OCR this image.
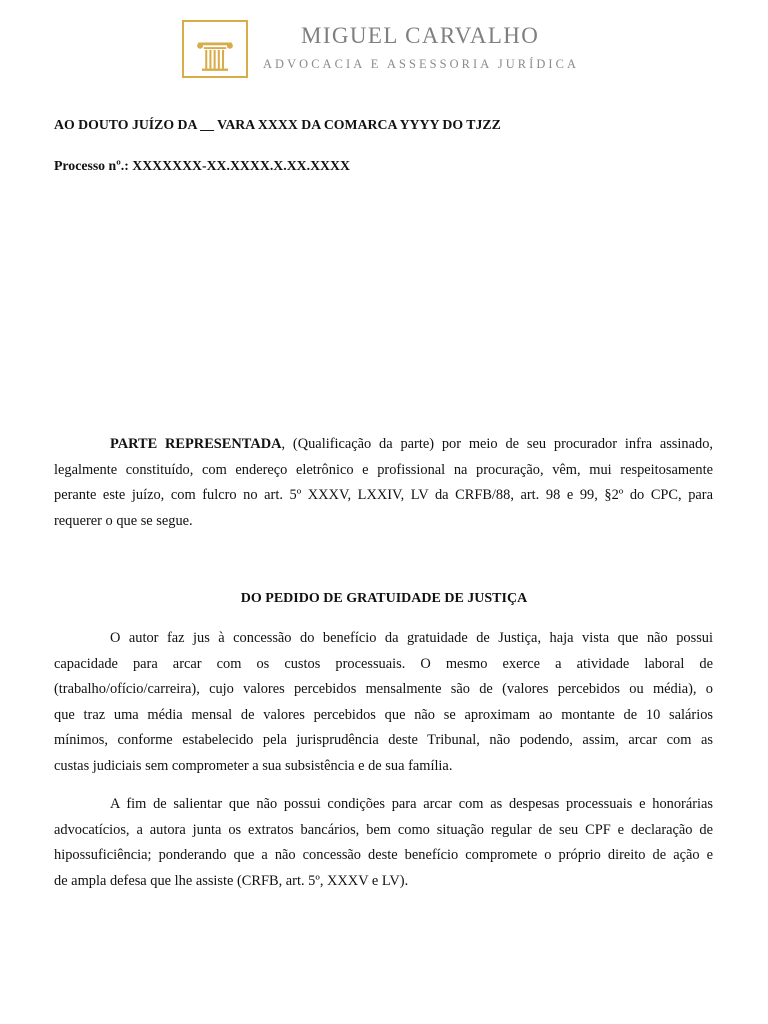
MIGUEL CARVALHO
ADVOCACIA E ASSESSORIA JURÍDICA
AO DOUTO JUÍZO DA __ VARA XXXX DA COMARCA YYYY DO TJZZ
Processo nº.: XXXXXXX-XX.XXXX.X.XX.XXXX
PARTE REPRESENTADA, (Qualificação da parte) por meio de seu procurador infra assinado,
legalmente constituído, com endereço eletrônico e profissional na procuração, vêm, mui respeitosamente
perante este juízo, com fulcro no art. 5º XXXV, LXXIV, LV da CRFB/88, art. 98 e 99, §2º do CPC, para
requerer o que se segue.
DO PEDIDO DE GRATUIDADE DE JUSTIÇA
O autor faz jus à concessão do benefício da gratuidade de Justiça, haja vista que não possui
capacidade para arcar com os custos processuais. O mesmo exerce a atividade laboral de
(trabalho/ofício/carreira), cujo valores percebidos mensalmente são de (valores percebidos ou média), o
que traz uma média mensal de valores percebidos que não se aproximam ao montante de 10 salários
mínimos, conforme estabelecido pela jurisprudência deste Tribunal, não podendo, assim, arcar com as
custas judiciais sem comprometer a sua subsistência e de sua família.
A fim de salientar que não possui condições para arcar com as despesas processuais e honorárias
advocatícios, a autora junta os extratos bancários, bem como situação regular de seu CPF e declaração de
hipossuficiência; ponderando que a não concessão deste benefício compromete o próprio direito de ação e
de ampla defesa que lhe assiste (CRFB, art. 5º, XXXV e LV).
